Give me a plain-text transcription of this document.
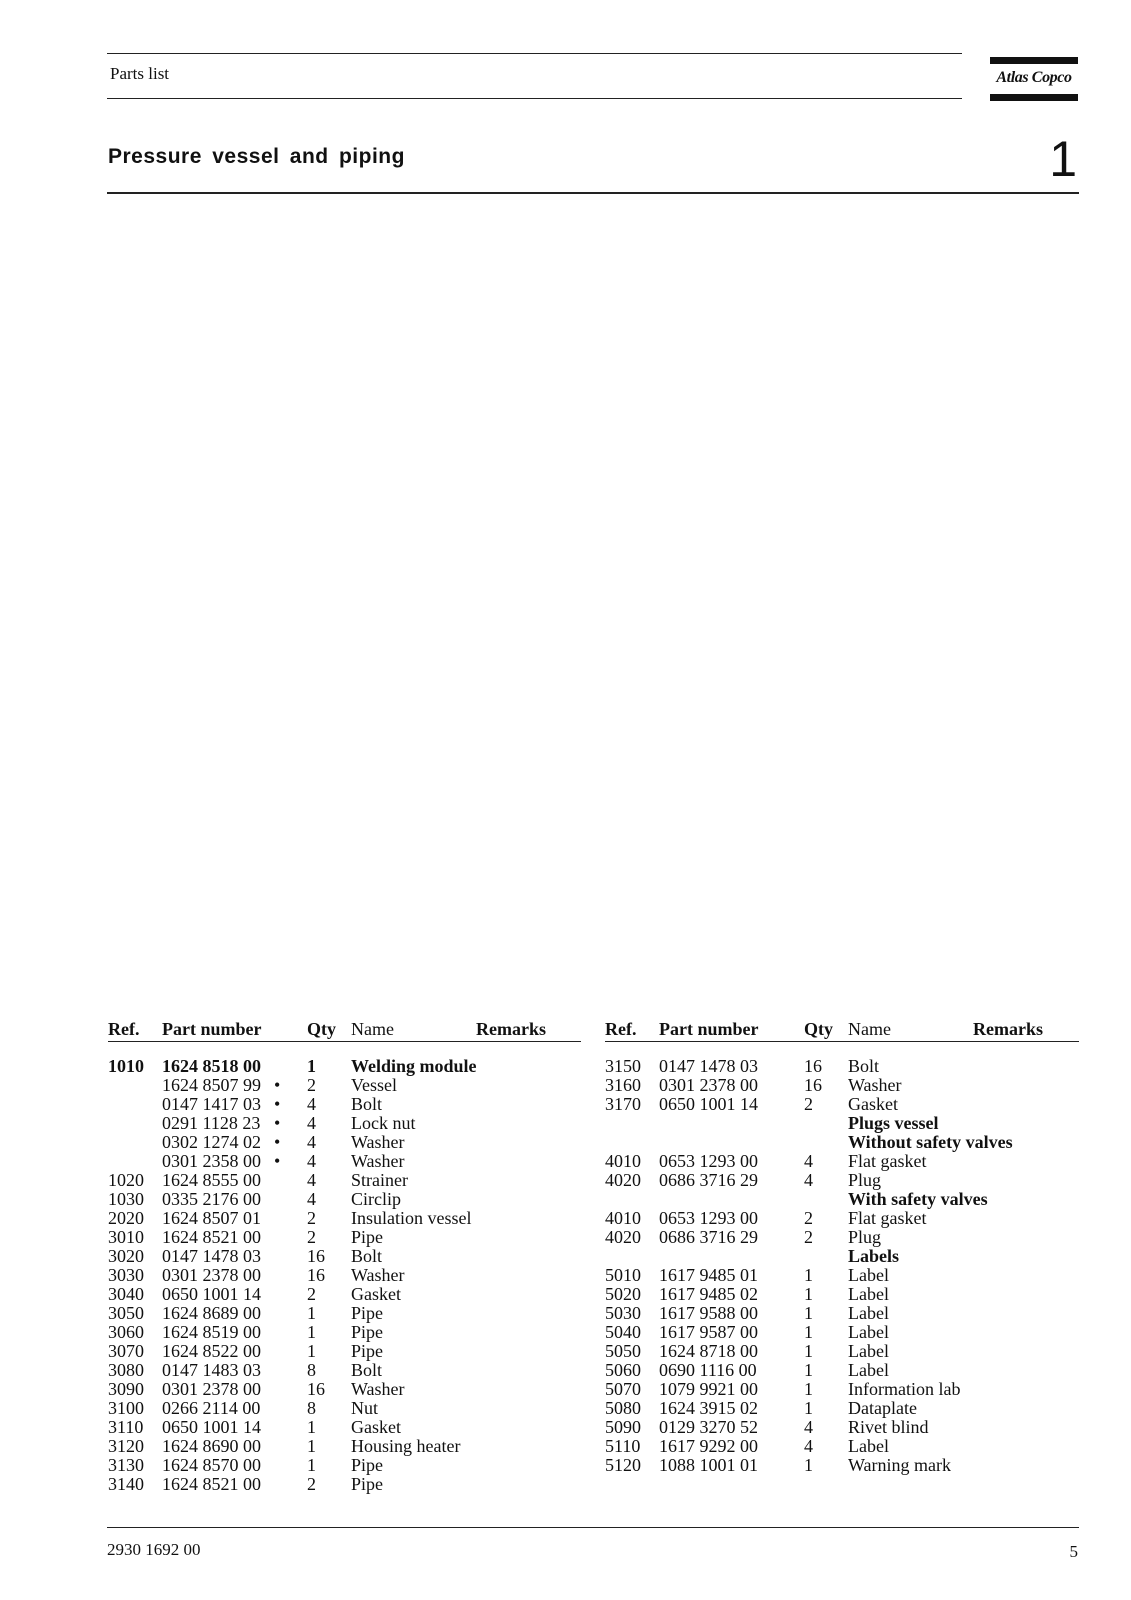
Parts list	Atlas Copco
Pressure vessel and piping	1
Ref. Part number	Qty Name	Remarks
1010 1624 8518 00	1 Welding module
1624 8507 99 • 2 Vessel
0147 1417 03 • 4 Bolt
0291 1128 23 • 4 Lock nut
0302 1274 02 • 4 Washer
0301 2358 00 • 4 Washer
1020 1624 8555 00	4 Strainer
1030 0335 2176 00	4 Circlip
2020 1624 8507 01	2 Insulation vessel
3010 1624 8521 00	2 Pipe
3020 0147 1478 03	16 Bolt
3030 0301 2378 00	16 Washer
3040 0650 1001 14	2 Gasket
3050 1624 8689 00	1 Pipe
3060 1624 8519 00	1 Pipe
3070 1624 8522 00	1 Pipe
3080 0147 1483 03	8 Bolt
3090 0301 2378 00	16 Washer
3100 0266 2114 00	8 Nut
3110 0650 1001 14	1 Gasket
3120 1624 8690 00	1 Housing heater
3130 1624 8570 00	1 Pipe
3140 1624 8521 00	2 Pipe
Ref. Part number	Qty Name	Remarks
3150 0147 1478 03	16 Bolt
3160 0301 2378 00	16 Washer
3170 0650 1001 14	2 Gasket
Plugs vessel
Without safety valves
4010 0653 1293 00	4 Flat gasket
4020 0686 3716 29	4 Plug
With safety valves
4010 0653 1293 00	2 Flat gasket
4020 0686 3716 29	2 Plug
Labels
5010 1617 9485 01	1 Label
5020 1617 9485 02	1 Label
5030 1617 9588 00	1 Label
5040 1617 9587 00	1 Label
5050 1624 8718 00	1 Label
5060 0690 1116 00	1 Label
5070 1079 9921 00	1 Information lab
5080 1624 3915 02	1 Dataplate
5090 0129 3270 52	4 Rivet blind
5110 1617 9292 00	4 Label
5120 1088 1001 01	1 Warning mark
2930 1692 00	5
